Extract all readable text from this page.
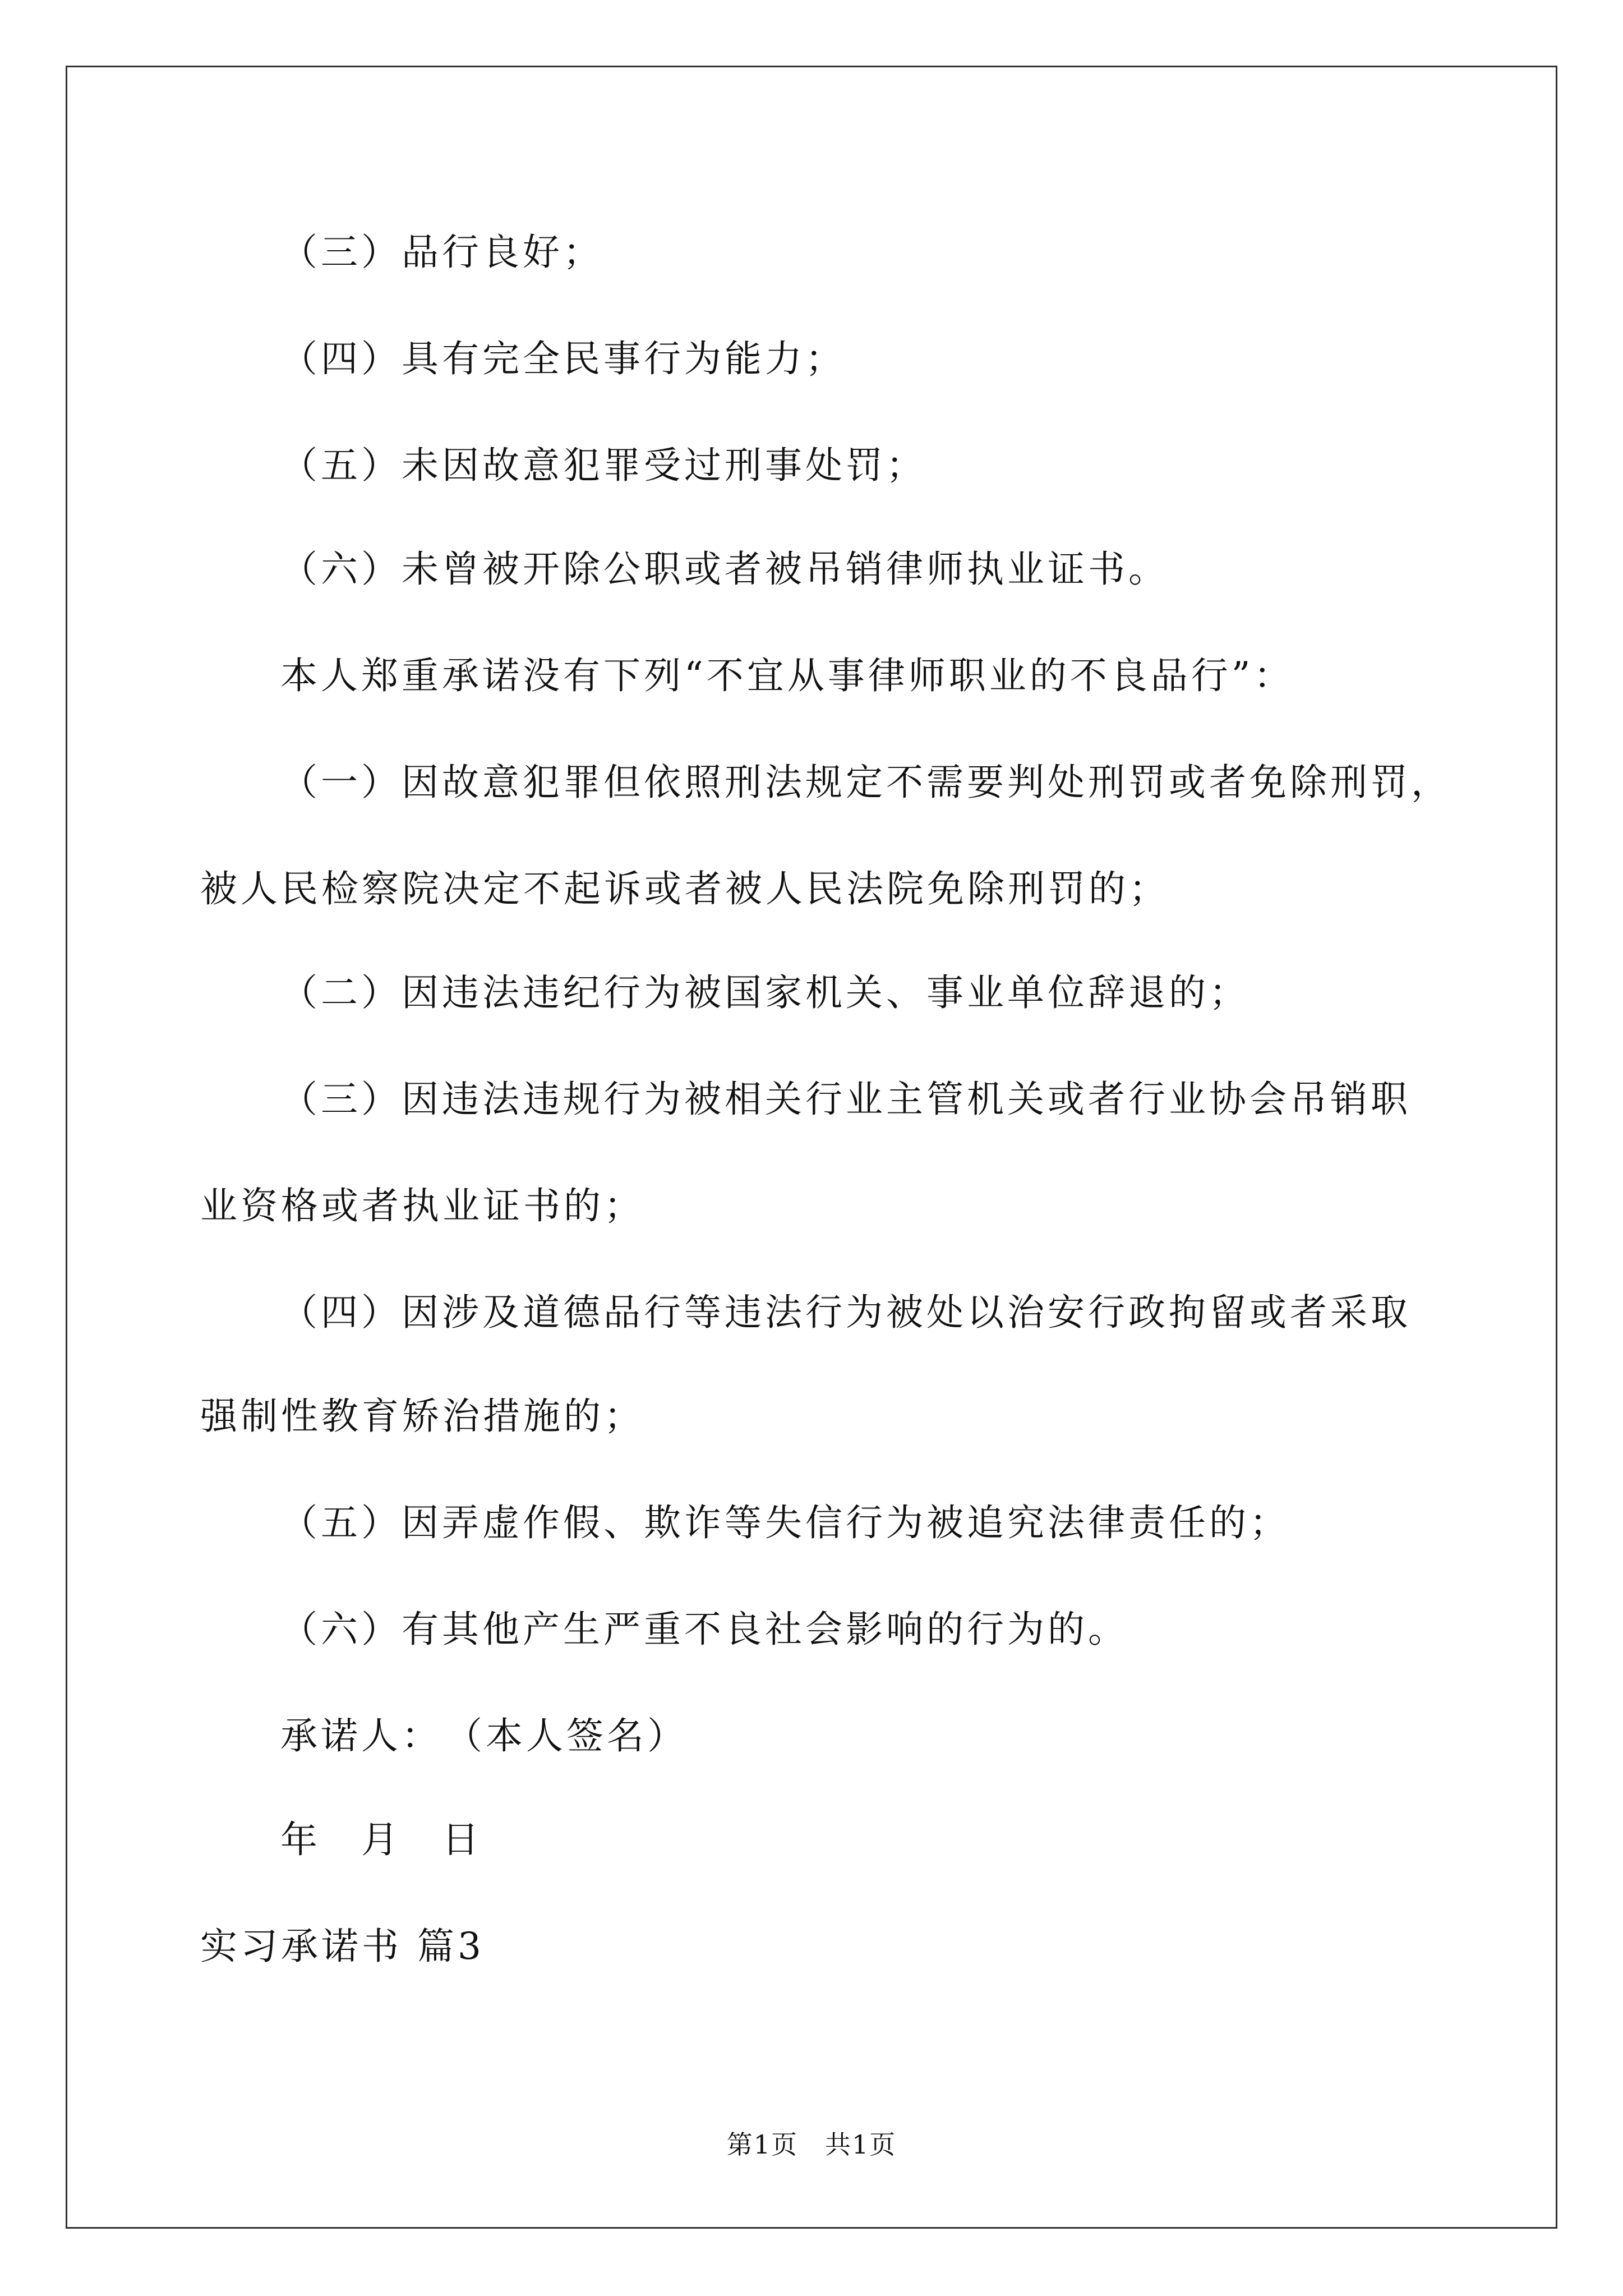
（三）品行良好；
（四）具有完全民事行为能力；
（五）未因故意犯罪受过刑事处罚；
（六）未曾被开除公职或者被吊销律师执业证书。
本人郑重承诺没有下列“不宜从事律师职业的不良品行”：
（一）因故意犯罪但依照刑法规定不需要判处刑罚或者免除刑罚，
被人民检察院决定不起诉或者被人民法院免除刑罚的；
（二）因违法违纪行为被国家机关、事业单位辞退的；
（三）因违法违规行为被相关行业主管机关或者行业协会吊销职
业资格或者执业证书的；
（四）因涉及道德品行等违法行为被处以治安行政拘留或者采取
强制性教育矫治措施的；
（五）因弄虚作假、欺诈等失信行为被追究法律责任的；
（六）有其他产生严重不良社会影响的行为的。
承诺人：　（本人签名）
年　月　日
实习承诺书 篇3
第1页　共1页
